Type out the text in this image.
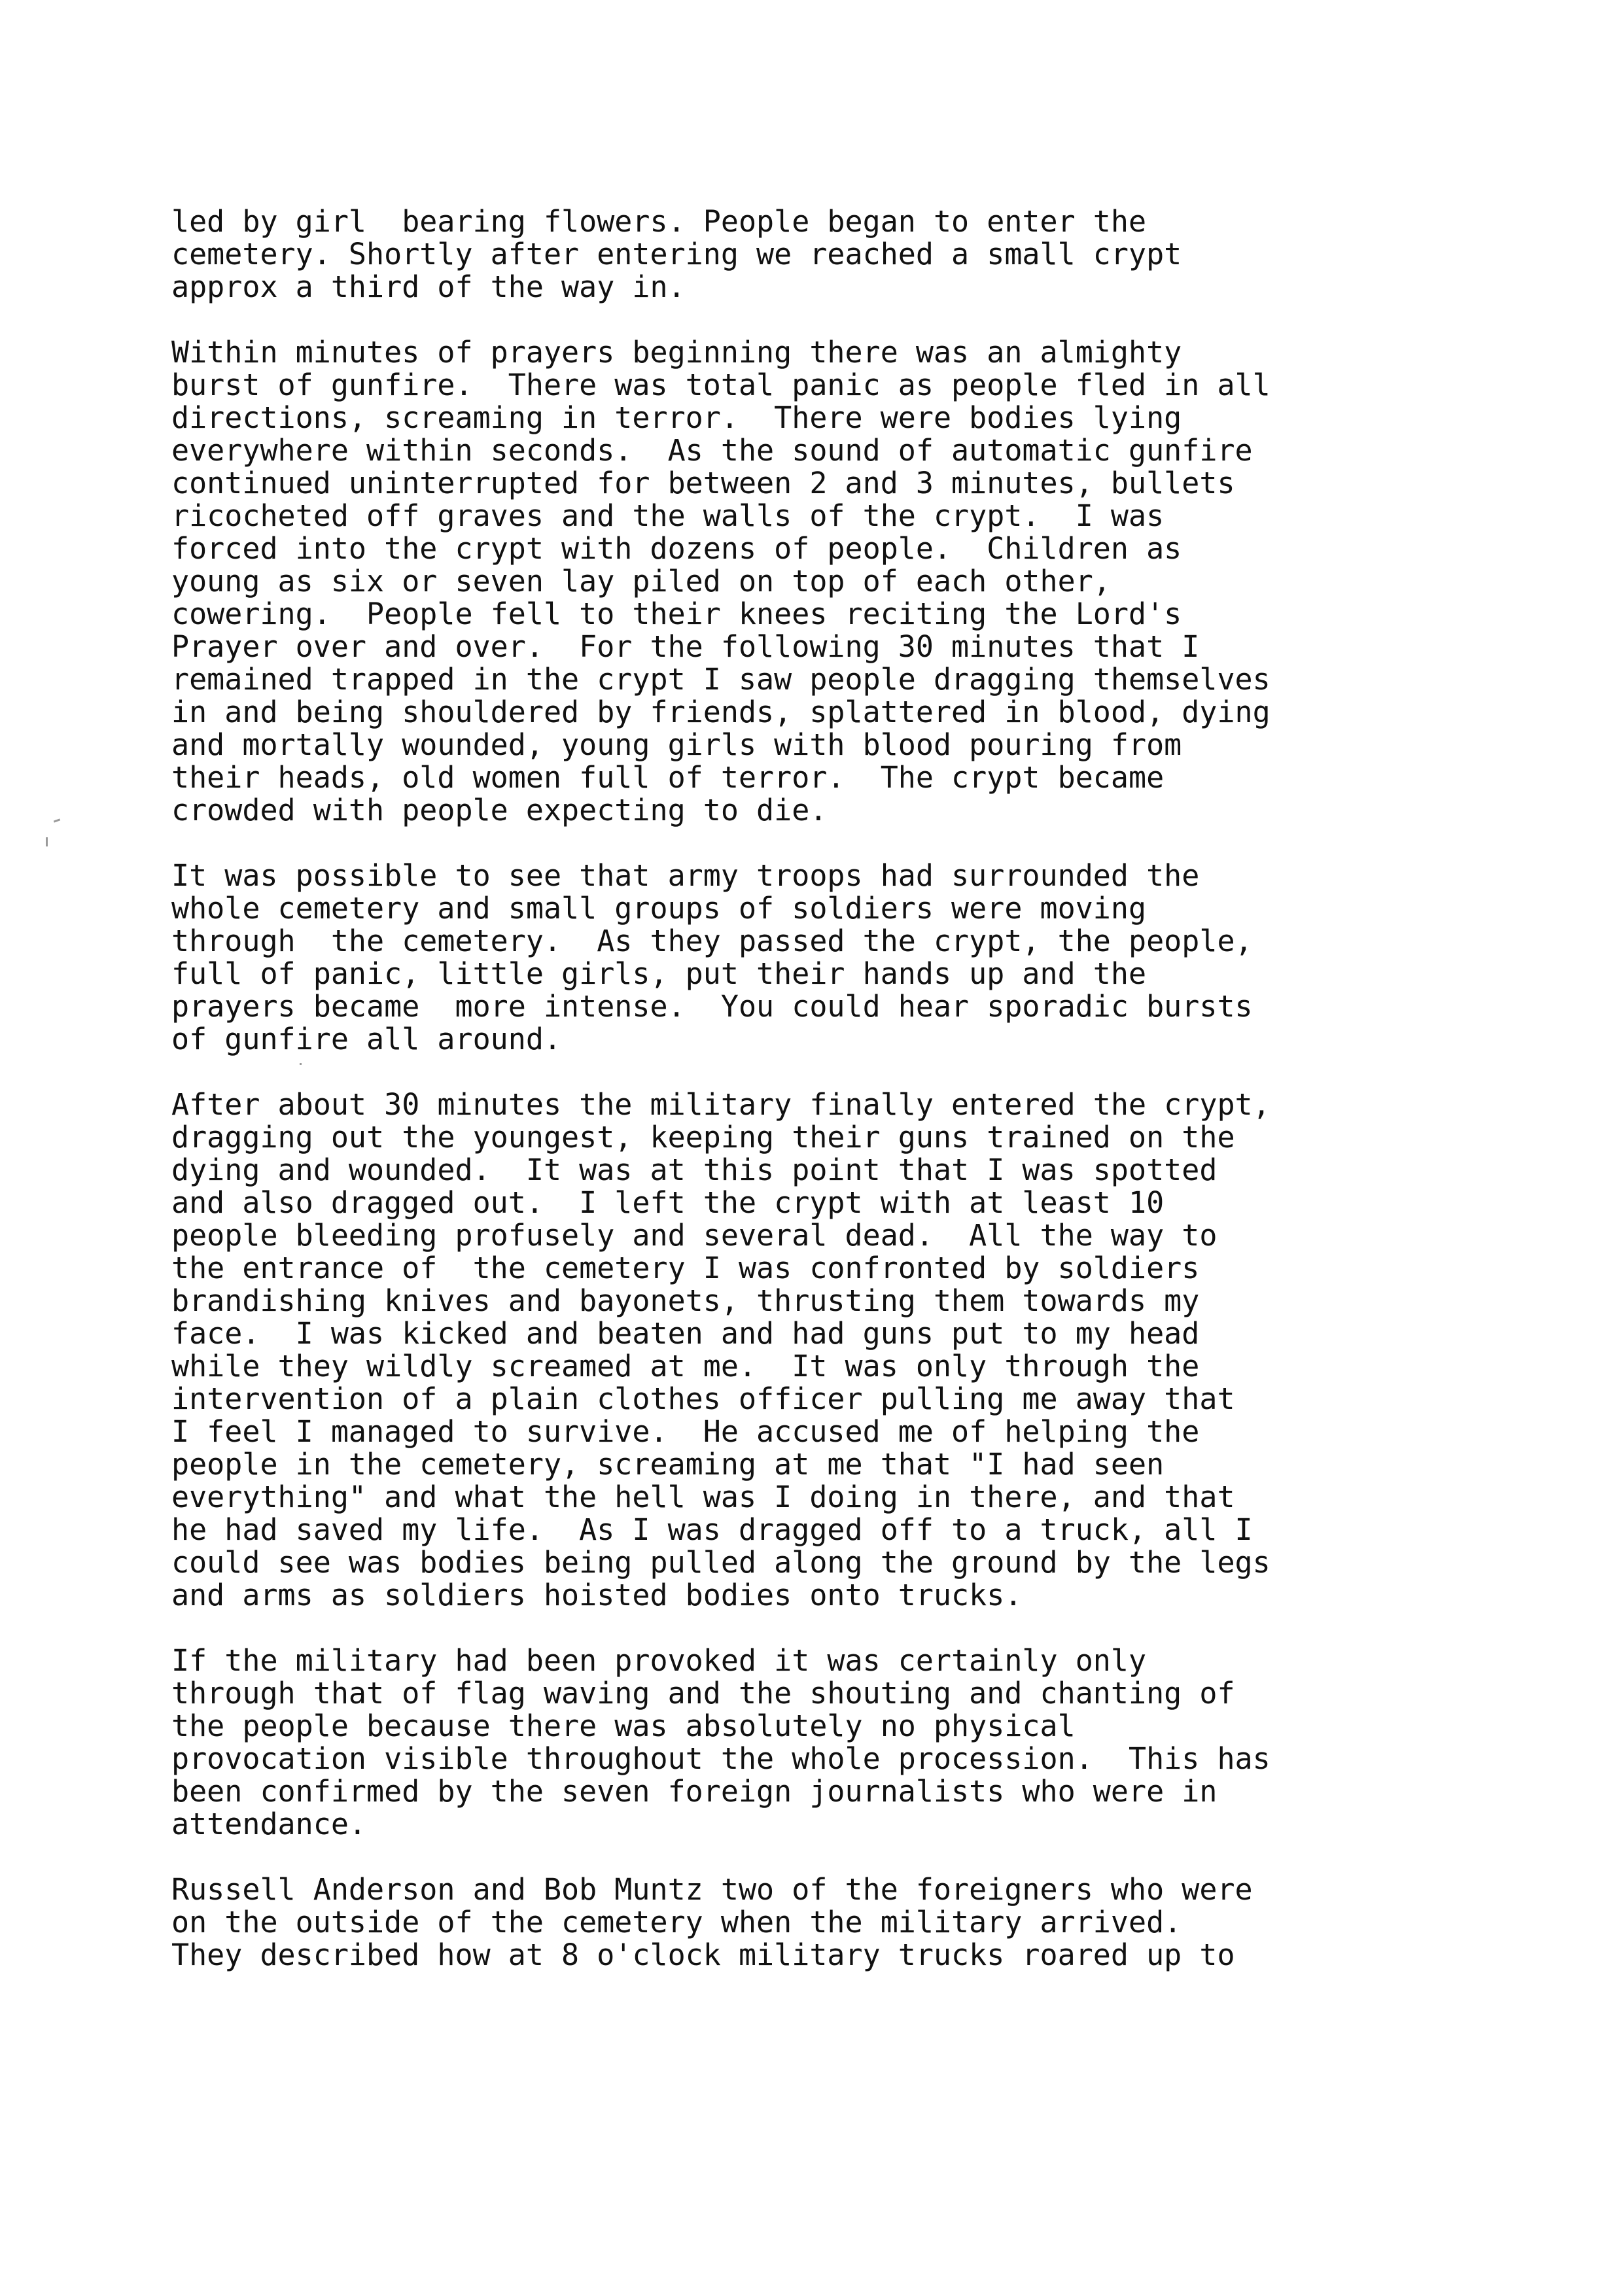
led by girl  bearing flowers. People began to enter the
cemetery. Shortly after entering we reached a small crypt
approx a third of the way in.
Within minutes of prayers beginning there was an almighty
burst of gunfire.  There was total panic as people fled in all
directions, screaming in terror.  There were bodies lying
everywhere within seconds.  As the sound of automatic gunfire
continued uninterrupted for between 2 and 3 minutes, bullets
ricocheted off graves and the walls of the crypt.  I was
forced into the crypt with dozens of people.  Children as
young as six or seven lay piled on top of each other,
cowering.  People fell to their knees reciting the Lord's
Prayer over and over.  For the following 30 minutes that I
remained trapped in the crypt I saw people dragging themselves
in and being shouldered by friends, splattered in blood, dying
and mortally wounded, young girls with blood pouring from
their heads, old women full of terror.  The crypt became
crowded with people expecting to die.
It was possible to see that army troops had surrounded the
whole cemetery and small groups of soldiers were moving
through  the cemetery.  As they passed the crypt, the people,
full of panic, little girls, put their hands up and the
prayers became  more intense.  You could hear sporadic bursts
of gunfire all around.
After about 30 minutes the military finally entered the crypt,
dragging out the youngest, keeping their guns trained on the
dying and wounded.  It was at this point that I was spotted
and also dragged out.  I left the crypt with at least 10
people bleeding profusely and several dead.  All the way to
the entrance of  the cemetery I was confronted by soldiers
brandishing knives and bayonets, thrusting them towards my
face.  I was kicked and beaten and had guns put to my head
while they wildly screamed at me.  It was only through the
intervention of a plain clothes officer pulling me away that
I feel I managed to survive.  He accused me of helping the
people in the cemetery, screaming at me that "I had seen
everything" and what the hell was I doing in there, and that
he had saved my life.  As I was dragged off to a truck, all I
could see was bodies being pulled along the ground by the legs
and arms as soldiers hoisted bodies onto trucks.
If the military had been provoked it was certainly only
through that of flag waving and the shouting and chanting of
the people because there was absolutely no physical
provocation visible throughout the whole procession.  This has
been confirmed by the seven foreign journalists who were in
attendance.
Russell Anderson and Bob Muntz two of the foreigners who were
on the outside of the cemetery when the military arrived.
They described how at 8 o'clock military trucks roared up to
